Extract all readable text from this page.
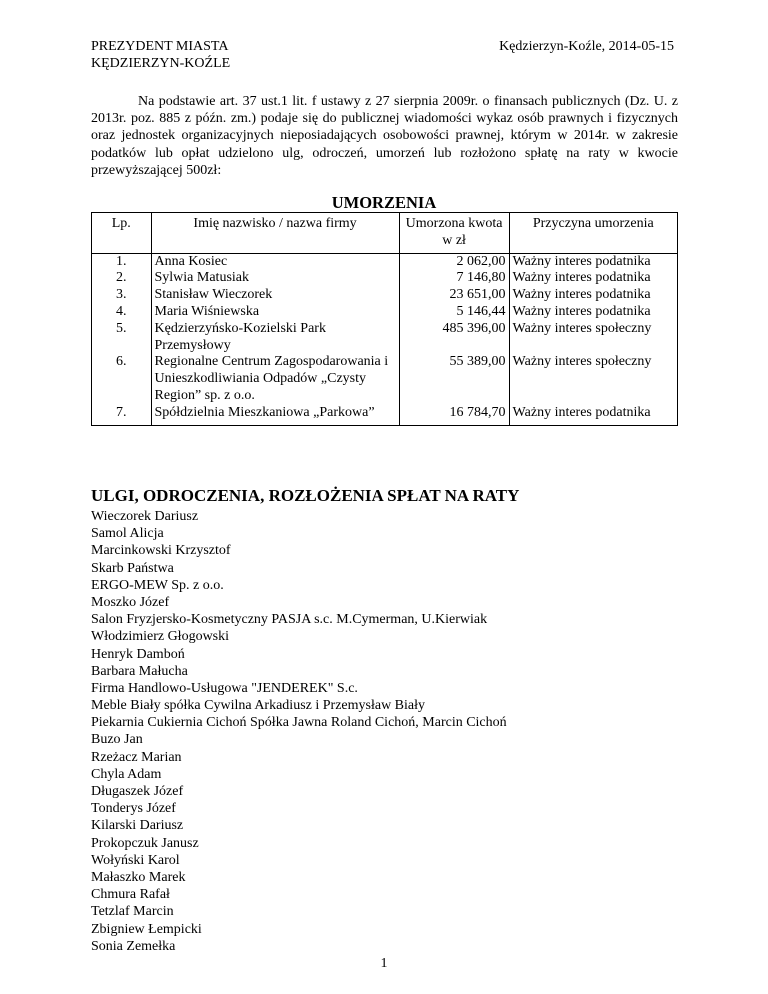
PREZYDENT MIASTA
KĘDZIERZYN-KOŹLE
Kędzierzyn-Koźle, 2014-05-15
Na podstawie art. 37 ust.1 lit. f ustawy z 27 sierpnia 2009r. o finansach publicznych (Dz. U. z 2013r. poz. 885 z późn. zm.) podaje się do publicznej wiadomości wykaz osób prawnych i fizycznych oraz jednostek organizacyjnych nieposiadających osobowości prawnej, którym w 2014r. w zakresie podatków lub opłat udzielono ulg, odroczeń, umorzeń lub rozłożono spłatę na raty w kwocie przewyższającej 500zł:
UMORZENIA
Lp.	Imię nazwisko / nazwa firmy	Umorzona kwota w zł	Przyczyna umorzenia
1.	Anna Kosiec	2 062,00	Ważny interes podatnika
2.	Sylwia Matusiak	7 146,80	Ważny interes podatnika
3.	Stanisław Wieczorek	23 651,00	Ważny interes podatnika
4.	Maria Wiśniewska	5 146,44	Ważny interes podatnika
5.	Kędzierzyńsko-Kozielski Park Przemysłowy	485 396,00	Ważny interes społeczny
6.	Regionalne Centrum Zagospodarowania i Unieszkodliwiania Odpadów „Czysty Region” sp. z o.o.	55 389,00	Ważny interes społeczny
7.	Spółdzielnia Mieszkaniowa „Parkowa”	16 784,70	Ważny interes podatnika
ULGI, ODROCZENIA, ROZŁOŻENIA SPŁAT NA RATY
Wieczorek Dariusz
Samol Alicja
Marcinkowski Krzysztof
Skarb Państwa
ERGO-MEW Sp. z o.o.
Moszko Józef
Salon Fryzjersko-Kosmetyczny PASJA s.c. M.Cymerman, U.Kierwiak
Włodzimierz Głogowski
Henryk Damboń
Barbara Małucha
Firma Handlowo-Usługowa "JENDEREK" S.c.
Meble Biały spółka Cywilna Arkadiusz i Przemysław Biały
Piekarnia Cukiernia Cichoń Spółka Jawna Roland Cichoń, Marcin Cichoń
Buzo Jan
Rzeżacz Marian
Chyla Adam
Długaszek Józef
Tonderys Józef
Kilarski Dariusz
Prokopczuk Janusz
Wołyński Karol
Małaszko Marek
Chmura Rafał
Tetzlaf Marcin
Zbigniew Łempicki
Sonia Zemełka
1
